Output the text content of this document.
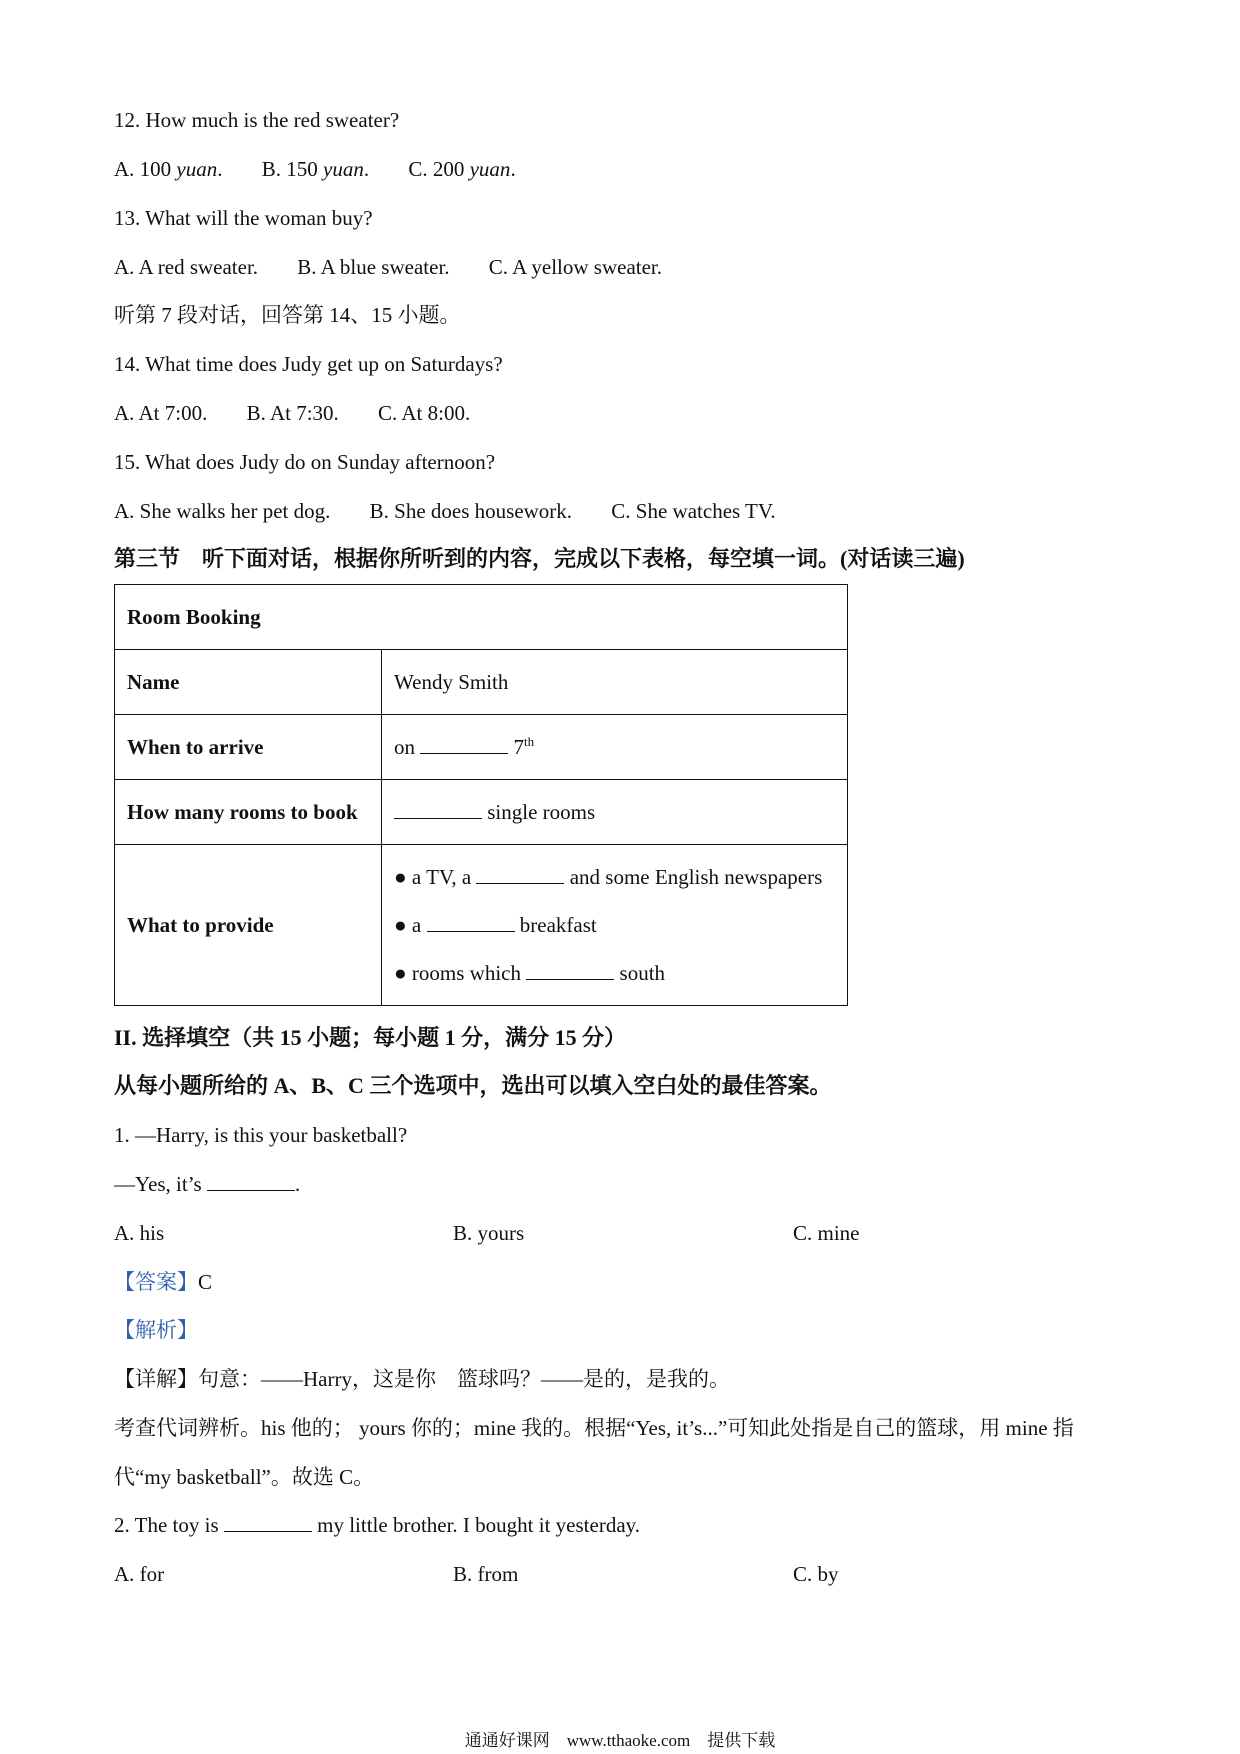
12. How much is the red sweater?
A. 100 yuan. B. 150 yuan. C. 200 yuan.
13. What will the woman buy?
A. A red sweater. B. A blue sweater. C. A yellow sweater.
听第 7 段对话，回答第 14、15 小题。
14. What time does Judy get up on Saturdays?
A. At 7:00. B. At 7:30. C. At 8:00.
15. What does Judy do on Sunday afternoon?
A. She walks her pet dog. B. She does housework. C. She watches TV.
第三节　听下面对话，根据你所听到的内容，完成以下表格，每空填一词。(对话读三遍)
Room Booking	
Name	Wendy Smith
When to arrive	on 7th
How many rooms to book	single rooms
What to provide	● a TV, a and some English newspapers
● a breakfast
● rooms which south
II. 选择填空（共 15 小题；每小题 1 分，满分 15 分）
从每小题所给的 A、B、C 三个选项中，选出可以填入空白处的最佳答案。
1. —Harry, is this your basketball?
—Yes, it’s	.
A. his	B. yours	C. mine
【答案】C
【解析】
【详解】句意：——Harry，这是你　篮球吗？——是的，是我的。
考查代词辨析。his 他的； yours 你的；mine 我的。根据“Yes, it’s...”可知此处指是自己的篮球，用 mine 指
代“my basketball”。故选 C。
2. The toy is	my little brother. I bought it yesterday.
A. for	B. from	C. by
通通好课网　www.tthaoke.com　提供下载
